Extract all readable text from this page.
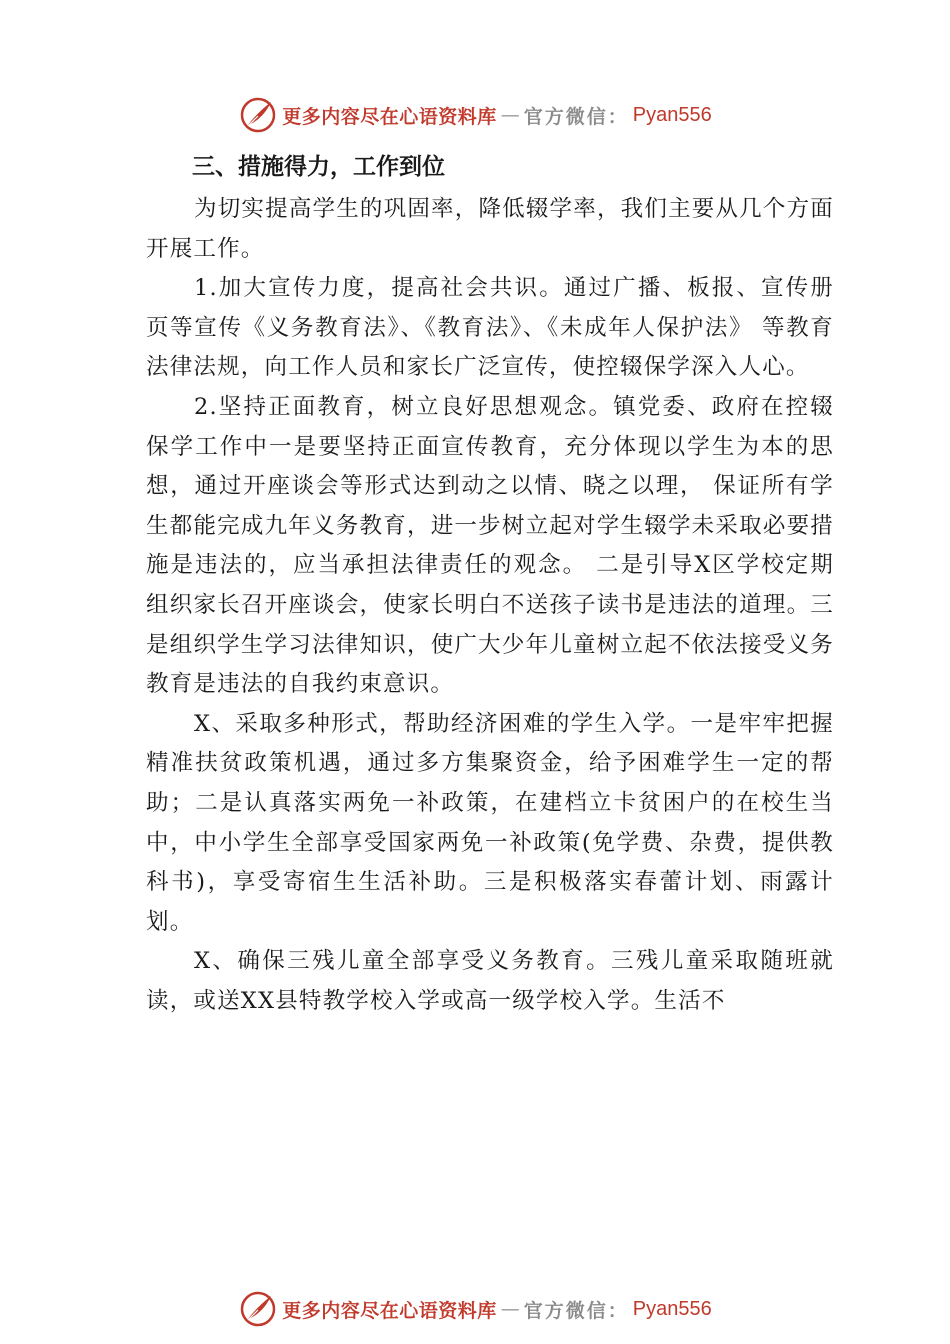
更多内容尽在心语资料库 — 官方微信： Pyan556

三、措施得力，工作到位

为切实提高学生的巩固率，降低辍学率，我们主要从几个方面开展工作。

1.加大宣传力度，提高社会共识。通过广播、板报、宣传册页等宣传《义务教育法》、《教育法》、《未成年人保护法》 等教育法律法规，向工作人员和家长广泛宣传，使控辍保学深入人心。

2.坚持正面教育，树立良好思想观念。镇党委、政府在控辍保学工作中一是要坚持正面宣传教育，充分体现以学生为本的思想，通过开座谈会等形式达到动之以情、晓之以理， 保证所有学生都能完成九年义务教育，进一步树立起对学生辍学未采取必要措施是违法的，应当承担法律责任的观念。 二是引导X区学校定期组织家长召开座谈会，使家长明白不送孩子读书是违法的道理。三是组织学生学习法律知识，使广大少年儿童树立起不依法接受义务教育是违法的自我约束意识。

X、采取多种形式，帮助经济困难的学生入学。一是牢牢把握精准扶贫政策机遇，通过多方集聚资金，给予困难学生一定的帮助；二是认真落实两免一补政策，在建档立卡贫困户的在校生当中，中小学生全部享受国家两免一补政策(免学费、杂费，提供教科书)，享受寄宿生生活补助。三是积极落实春蕾计划、雨露计划。

X、确保三残儿童全部享受义务教育。三残儿童采取随班就读，或送XX县特教学校入学或高一级学校入学。生活不

更多内容尽在心语资料库 — 官方微信： Pyan556
